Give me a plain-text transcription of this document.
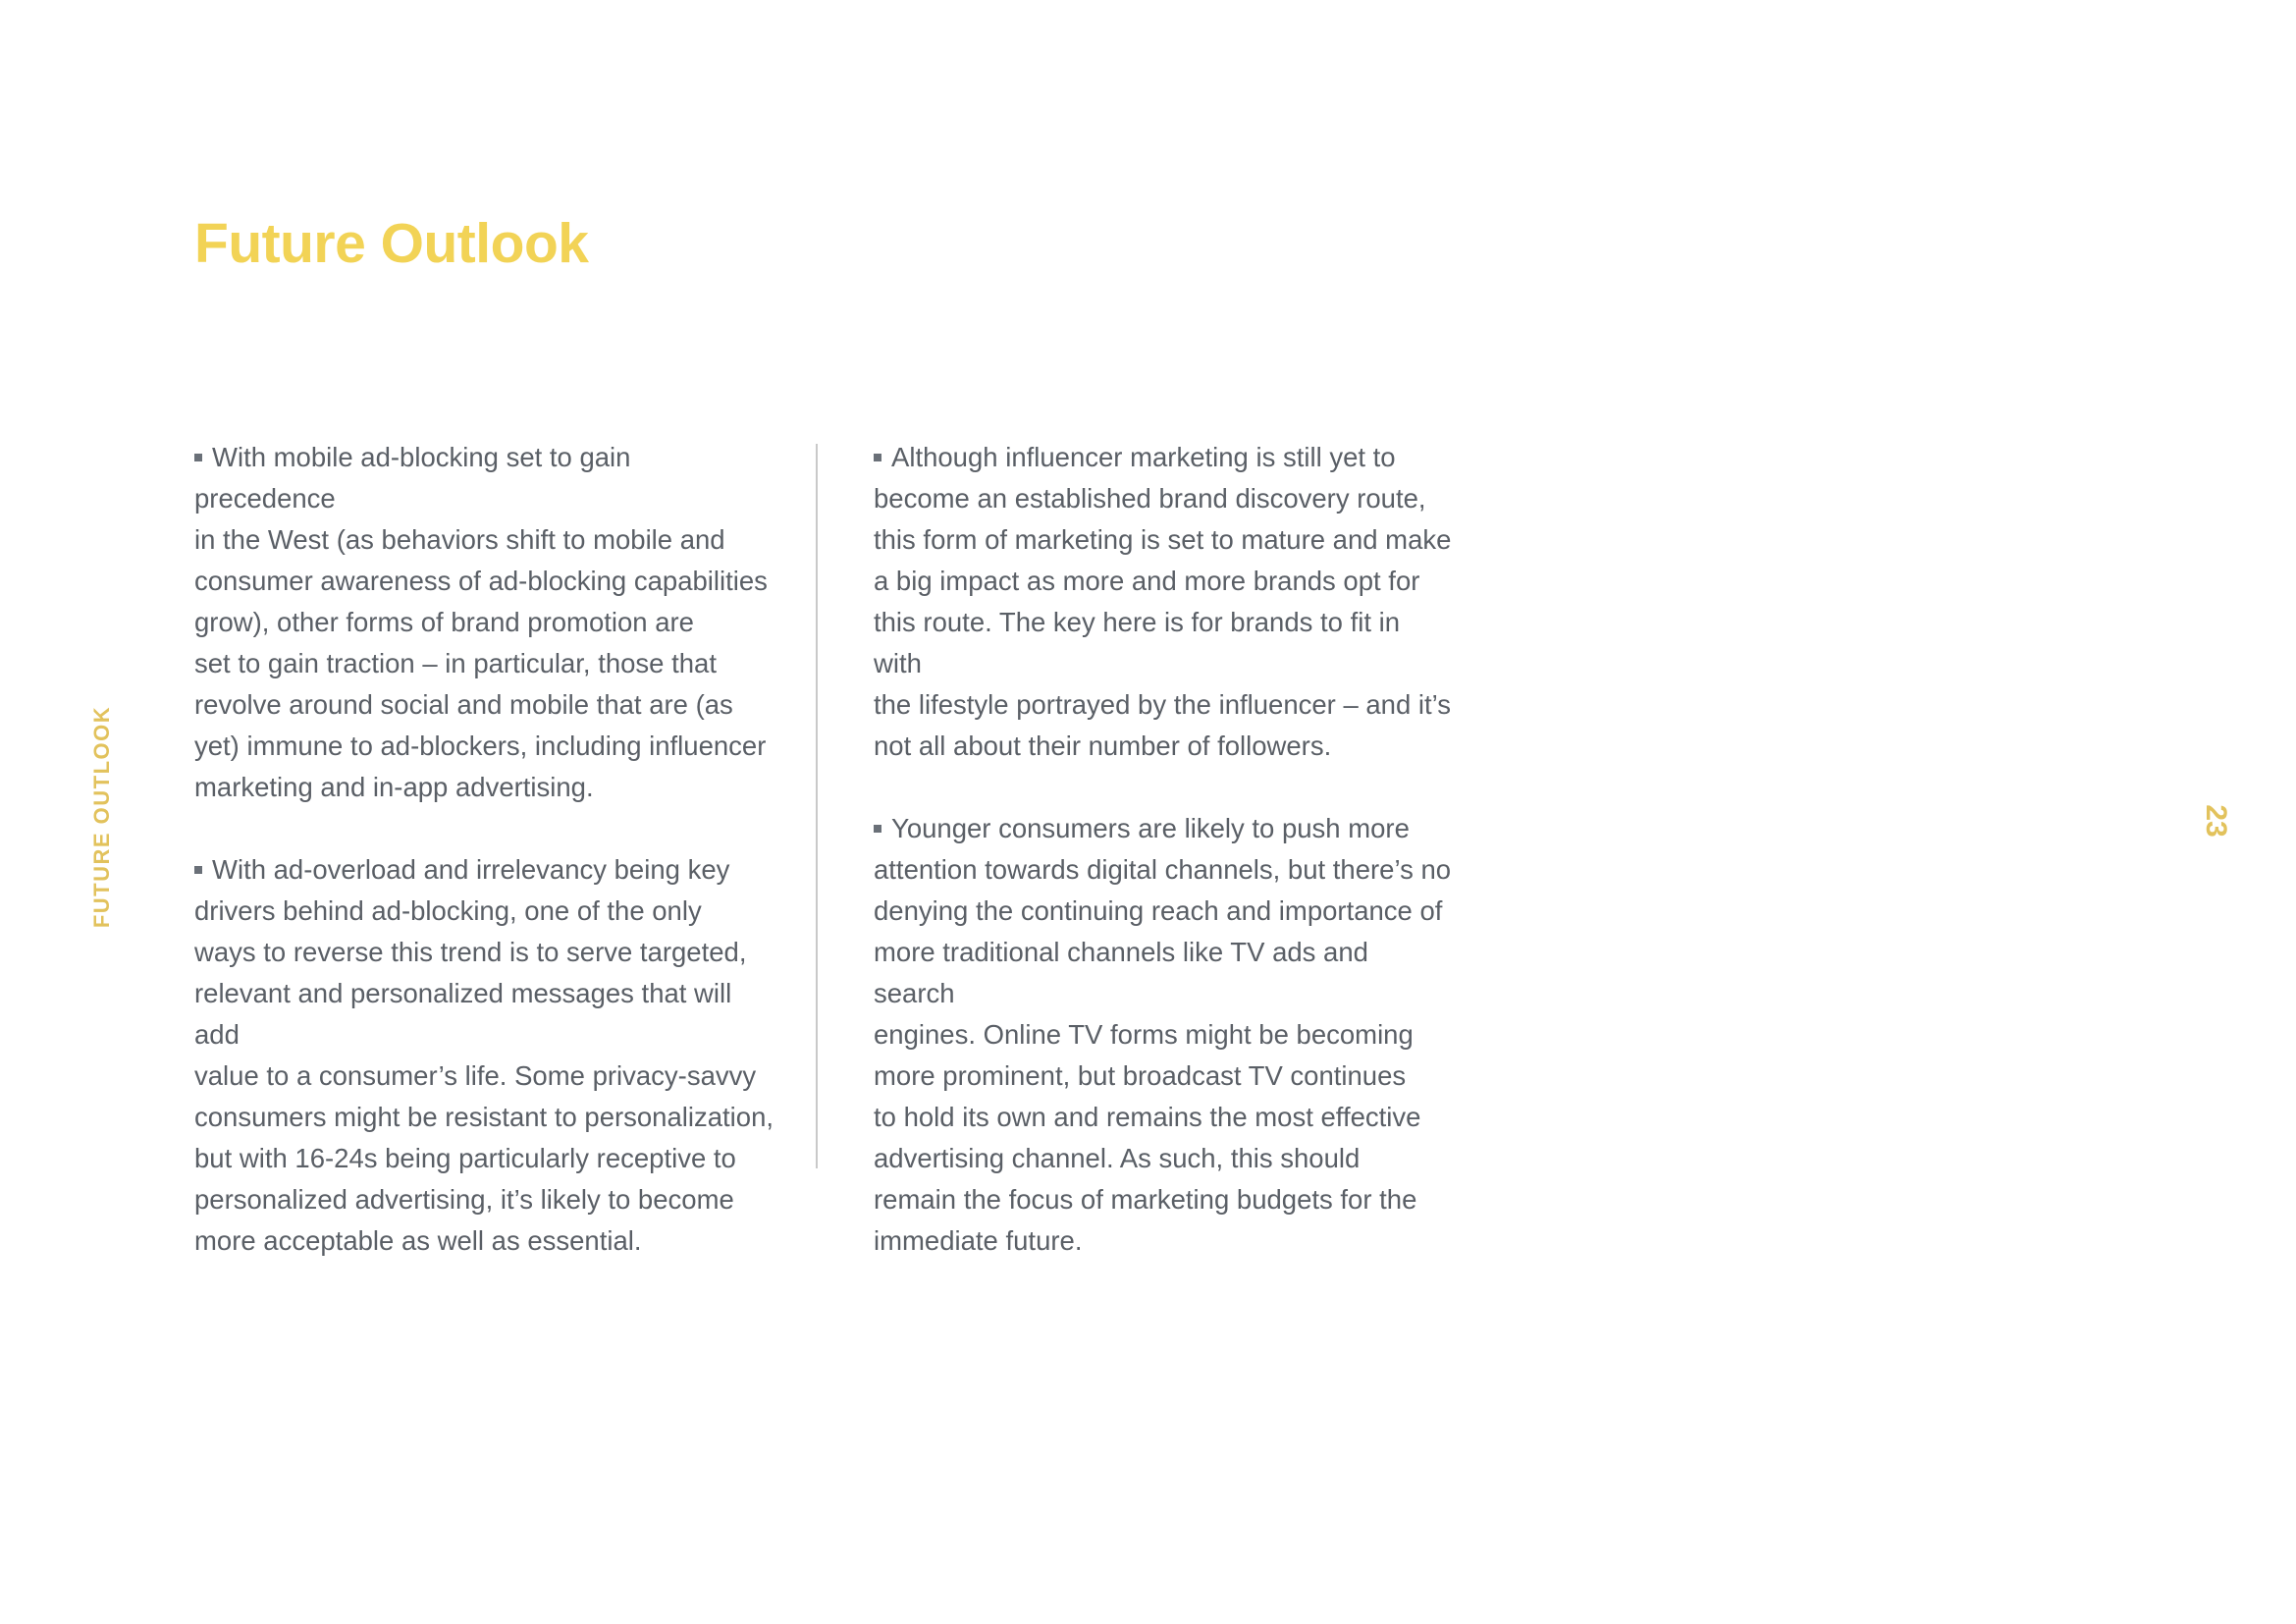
Future Outlook
FUTURE OUTLOOK
With mobile ad-blocking set to gain precedence
in the West (as behaviors shift to mobile and
consumer awareness of ad-blocking capabilities
grow), other forms of brand promotion are
set to gain traction – in particular, those that
revolve around social and mobile that are (as
yet) immune to ad-blockers, including influencer
marketing and in-app advertising.
With ad-overload and irrelevancy being key
drivers behind ad-blocking, one of the only
ways to reverse this trend is to serve targeted,
relevant and personalized messages that will add
value to a consumer’s life. Some privacy-savvy
consumers might be resistant to personalization,
but with 16-24s being particularly receptive to
personalized advertising, it’s likely to become
more acceptable as well as essential.
Although influencer marketing is still yet to
become an established brand discovery route,
this form of marketing is set to mature and make
a big impact as more and more brands opt for
this route. The key here is for brands to fit in with
the lifestyle portrayed by the influencer – and it’s
not all about their number of followers.
Younger consumers are likely to push more
attention towards digital channels, but there’s no
denying the continuing reach and importance of
more traditional channels like TV ads and search
engines. Online TV forms might be becoming
more prominent, but broadcast TV continues
to hold its own and remains the most effective
advertising channel. As such, this should
remain the focus of marketing budgets for the
immediate future.
23
